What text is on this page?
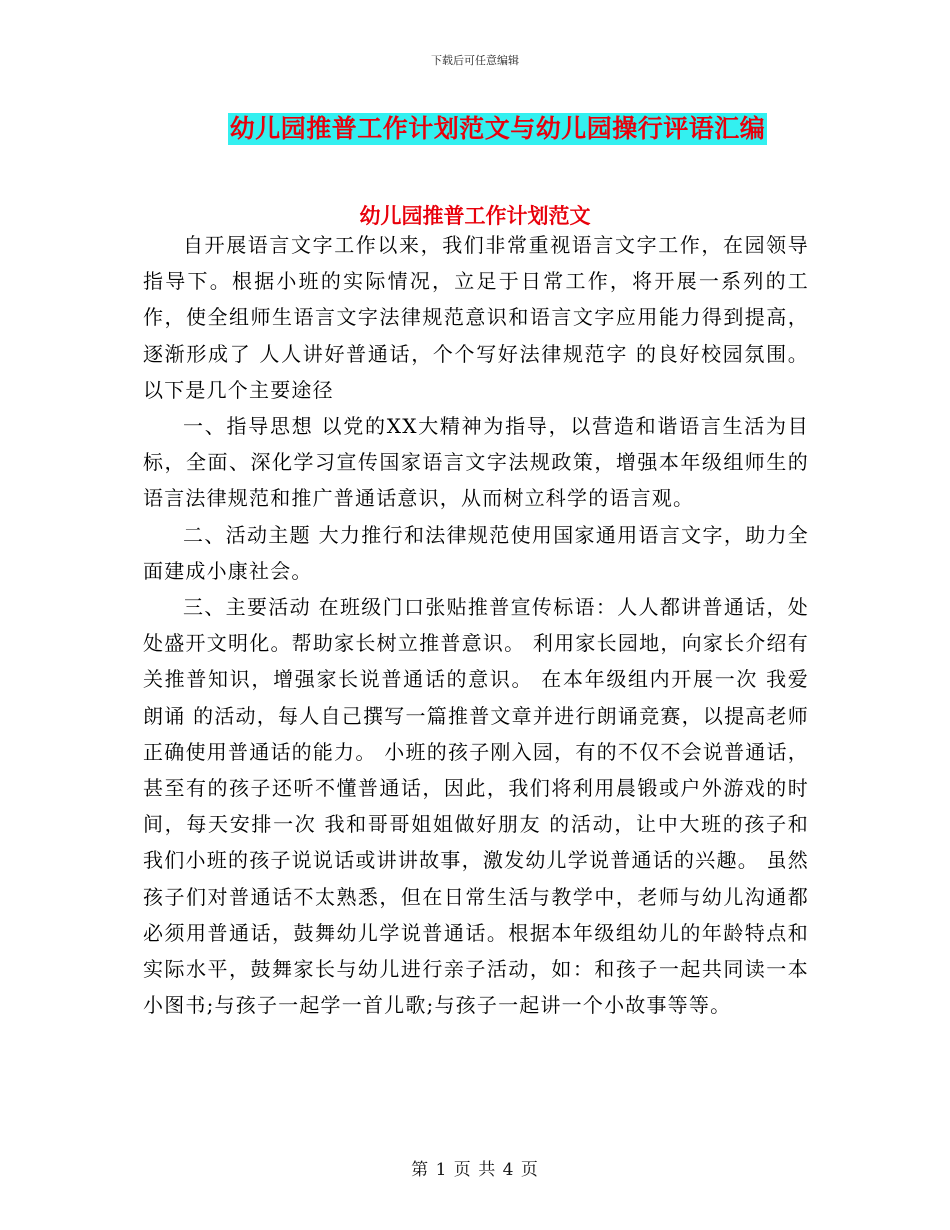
下载后可任意编辑
幼儿园推普工作计划范文与幼儿园操行评语汇编
幼儿园推普工作计划范文

自开展语言文字工作以来，我们非常重视语言文字工作，在园领导指导下。根据小班的实际情况，立足于日常工作，将开展一系列的工作，使全组师生语言文字法律规范意识和语言文字应用能力得到提高，逐渐形成了 人人讲好普通话，个个写好法律规范字 的良好校园氛围。以下是几个主要途径

一、指导思想 以党的XX大精神为指导，以营造和谐语言生活为目标，全面、深化学习宣传国家语言文字法规政策，增强本年级组师生的语言法律规范和推广普通话意识，从而树立科学的语言观。

二、活动主题 大力推行和法律规范使用国家通用语言文字，助力全面建成小康社会。

三、主要活动 在班级门口张贴推普宣传标语：人人都讲普通话，处处盛开文明化。帮助家长树立推普意识。 利用家长园地，向家长介绍有关推普知识，增强家长说普通话的意识。 在本年级组内开展一次 我爱朗诵 的活动，每人自己撰写一篇推普文章并进行朗诵竞赛，以提高老师正确使用普通话的能力。 小班的孩子刚入园，有的不仅不会说普通话，甚至有的孩子还听不懂普通话，因此，我们将利用晨锻或户外游戏的时间，每天安排一次 我和哥哥姐姐做好朋友 的活动，让中大班的孩子和我们小班的孩子说说话或讲讲故事，激发幼儿学说普通话的兴趣。 虽然孩子们对普通话不太熟悉，但在日常生活与教学中，老师与幼儿沟通都必须用普通话，鼓舞幼儿学说普通话。根据本年级组幼儿的年龄特点和实际水平，鼓舞家长与幼儿进行亲子活动，如：和孩子一起共同读一本小图书;与孩子一起学一首儿歌;与孩子一起讲一个小故事等等。

第 1 页 共 4 页
